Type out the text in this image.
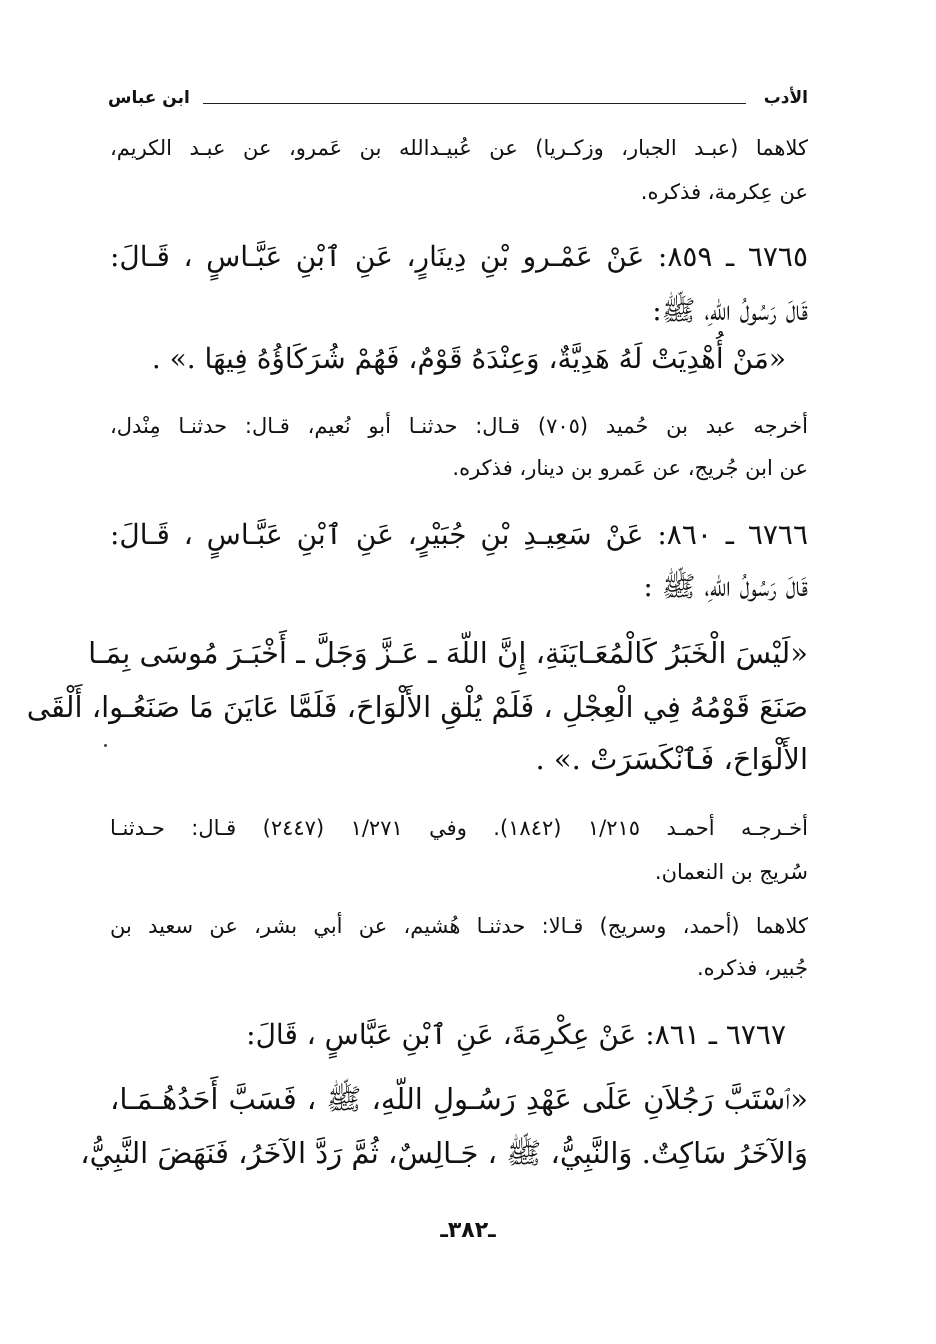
الأدب
ابن عباس
كلاهما (عبـد الجبار، وزكـريا) عن عُبيـدالله بن عَمرو، عن عبـد الكريم،
عن عِكرمة، فذكره.
٦٧٦٥ ـ ٨٥٩: عَنْ عَمْـرو بْنِ دِينَارٍ، عَنِ ٱبْنِ عَبَّـاسٍ ، قَـالَ:
قَالَ رَسُولُ اللّهِ، ﷺ:
«مَنْ أُهْدِيَتْ لَهُ هَدِيَّةٌ، وَعِنْدَهُ قَوْمٌ، فَهُمْ شُرَكَاؤُهُ فِيهَا .» .
أخرجه عبد بن حُميد (٧٠٥) قـال: حدثنـا أبو نُعيم، قـال: حدثنـا مِنْدل،
عن ابن جُريج، عن عَمرو بن دينار، فذكره.
٦٧٦٦ ـ ٨٦٠: عَنْ سَعِيـدِ بْنِ جُبَيْرٍ، عَنِ ٱبْنِ عَبَّـاسٍ ، قَـالَ:
قَالَ رَسُولُ اللّهِ، ﷺ :
«لَيْسَ الْخَبَرُ كَالْمُعَـايَنَةِ، إِنَّ اللّهَ ـ عَـزَّ وَجَلَّ ـ أَخْبَـرَ مُوسَى بِمَـا
صَنَعَ قَوْمُهُ فِي الْعِجْلِ ، فَلَمْ يُلْقِ الأَلْوَاحَ، فَلَمَّا عَايَنَ مَا صَنَعُـوا، أَلْقَى
الأَلْوَاحَ، فَٱنْكَسَرَتْ .» .
أخـرجـه أحمـد ١/٢١٥ (١٨٤٢). وفي ١/٢٧١ (٢٤٤٧) قـال: حـدثنـا
سُريج بن النعمان.
كلاهما (أحمد، وسريج) قـالا: حدثنـا هُشيم، عن أبي بشر، عن سعيد بن
جُبير، فذكره.
٦٧٦٧ ـ ٨٦١: عَنْ عِكْرِمَةَ، عَنِ ٱبْنِ عَبَّاسٍ ، قَالَ:
«ٱسْتَبَّ رَجُلاَنِ عَلَى عَهْدِ رَسُـولِ اللّهِ، ﷺ ، فَسَبَّ أَحَدُهُـمَـا،
وَالآخَرُ سَاكِتٌ. وَالنَّبِيُّ، ﷺ ، جَـالِسٌ، ثُمَّ رَدَّ الآخَرُ، فَنَهَضَ النَّبِيُّ،
ـ٣٨٢ـ
